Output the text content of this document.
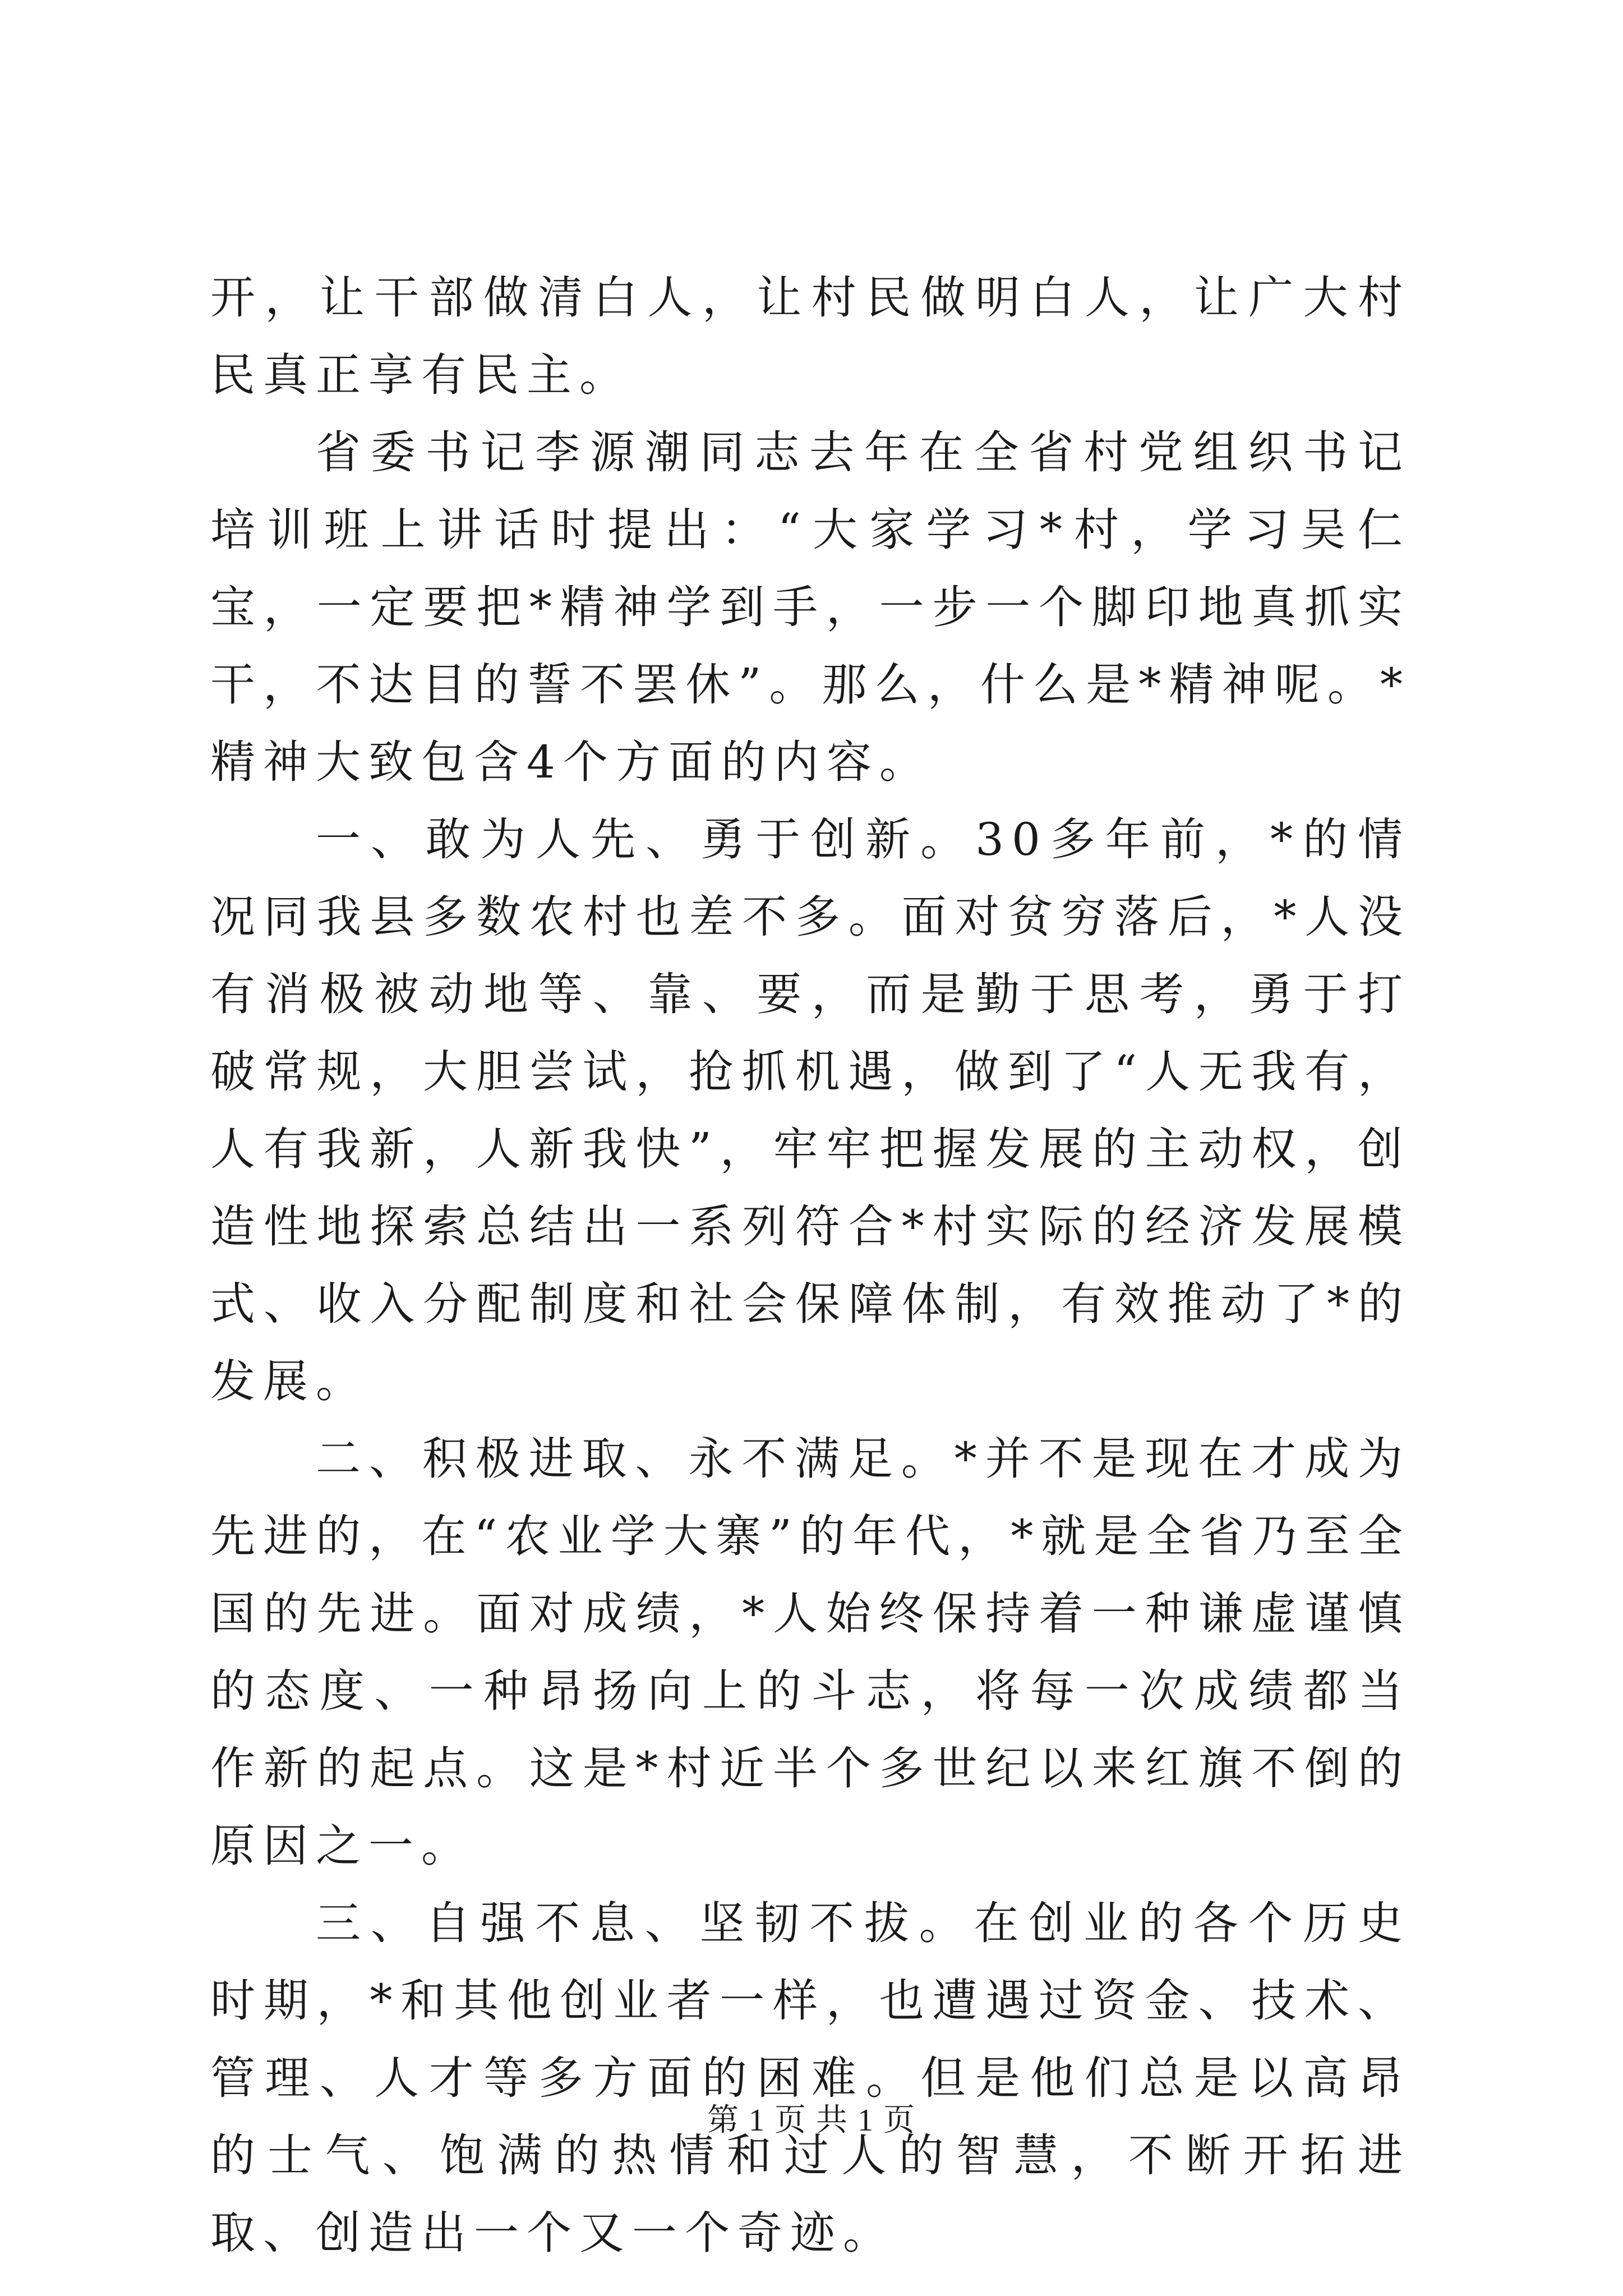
开，让干部做清白人，让村民做明白人，让广大村民真正享有民主。

省委书记李源潮同志去年在全省村党组织书记培训班上讲话时提出：“大家学习*村，学习吴仁宝，一定要把*精神学到手，一步一个脚印地真抓实干，不达目的誓不罢休”。那么，什么是*精神呢。*精神大致包含4个方面的内容。

一、敢为人先、勇于创新。30多年前，*的情况同我县多数农村也差不多。面对贫穷落后，*人没有消极被动地等、靠、要，而是勤于思考，勇于打破常规，大胆尝试，抢抓机遇，做到了“人无我有，人有我新，人新我快”，牢牢把握发展的主动权，创造性地探索总结出一系列符合*村实际的经济发展模式、收入分配制度和社会保障体制，有效推动了*的发展。

二、积极进取、永不满足。*并不是现在才成为先进的，在“农业学大寨”的年代，*就是全省乃至全国的先进。面对成绩，*人始终保持着一种谦虚谨慎的态度、一种昂扬向上的斗志，将每一次成绩都当作新的起点。这是*村近半个多世纪以来红旗不倒的原因之一。

三、自强不息、坚韧不拔。在创业的各个历史时期，*和其他创业者一样，也遭遇过资金、技术、管理、人才等多方面的困难。但是他们总是以高昂的士气、饱满的热情和过人的智慧，不断开拓进取、创造出一个又一个奇迹。

第 1 页 共 1 页
